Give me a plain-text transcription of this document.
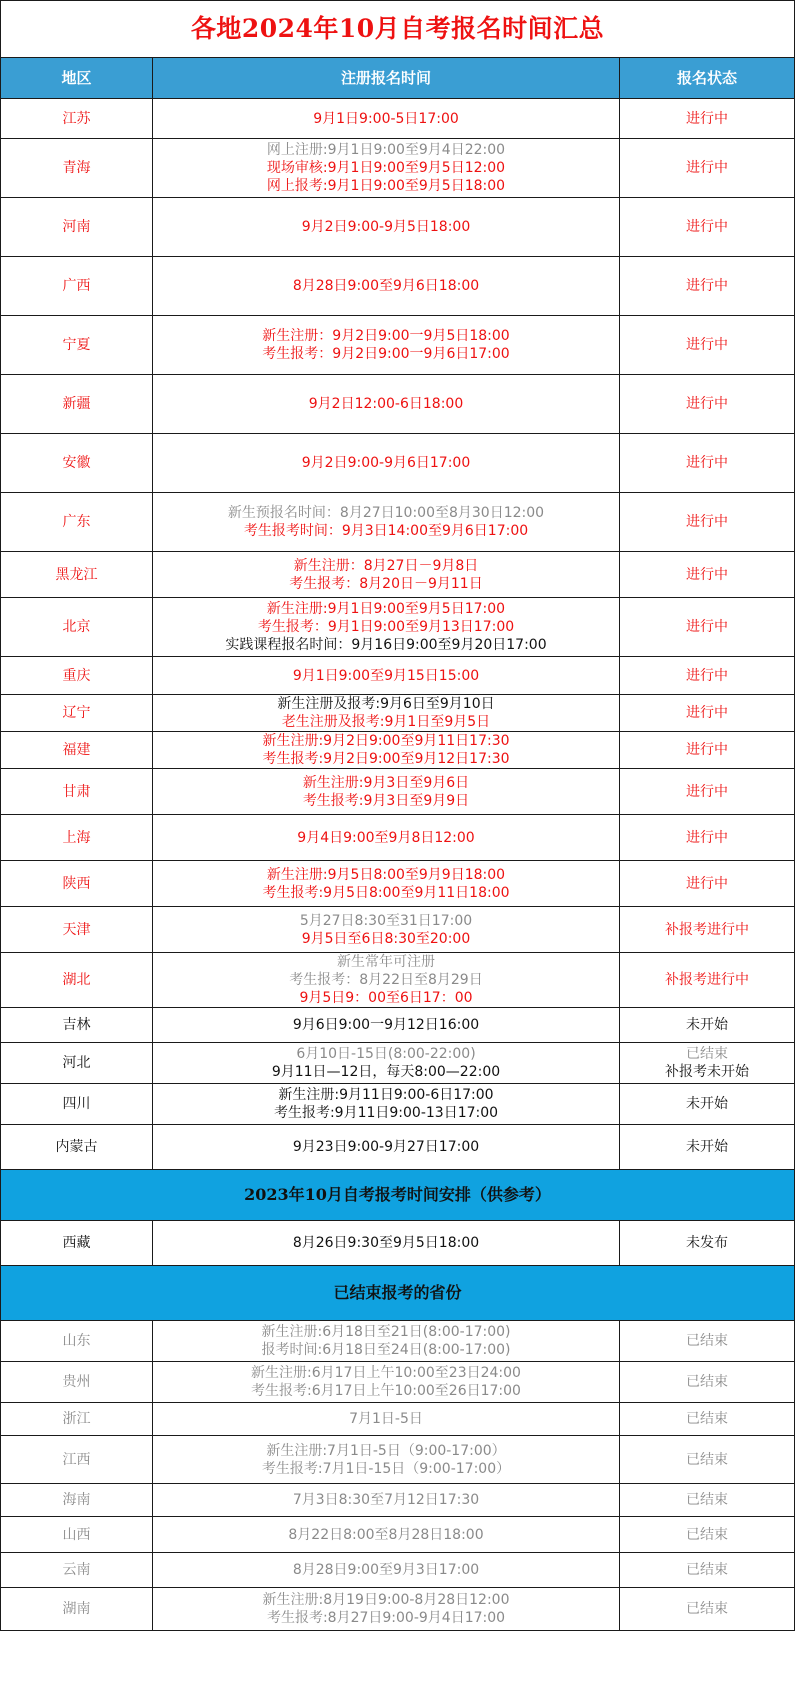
各地2024年10月自考报名时间汇总		
地区	注册报名时间	报名状态
江苏	9月1日9:00-5日17:00	进行中

青海	网上注册:9月1日9:00至9月4日22:00
现场审核:9月1日9:00至9月5日12:00
网上报考:9月1日9:00至9月5日18:00	进行中

河南	9月2日9:00-9月5日18:00	进行中

广西	8月28日9:00至9月6日18:00	进行中

宁夏	新生注册：9月2日9:00一9月5日18:00
考生报考：9月2日9:00一9月6日17:00	进行中

新疆	9月2日12:00-6日18:00	进行中

安徽	9月2日9:00-9月6日17:00	进行中

广东	新生预报名时间：8月27日10:00至8月30日12:00
考生报考时间：9月3日14:00至9月6日17:00	进行中

黑龙江	新生注册：8月27日－9月8日
考生报考：8月20日－9月11日	进行中

北京	新生注册:9月1日9:00至9月5日17:00
考生报考：9月1日9:00至9月13日17:00
实践课程报名时间：9月16日9:00至9月20日17:00	进行中

重庆	9月1日9:00至9月15日15:00	进行中

辽宁	新生注册及报考:9月6日至9月10日
老生注册及报考:9月1日至9月5日	进行中

福建	新生注册:9月2日9:00至9月11日17:30
考生报考:9月2日9:00至9月12日17:30	进行中

甘肃	新生注册:9月3日至9月6日
考生报考:9月3日至9月9日	进行中

上海	9月4日9:00至9月8日12:00	进行中

陕西	新生注册:9月5日8:00至9月9日18:00
考生报考:9月5日8:00至9月11日18:00	进行中

天津	5月27日8:30至31日17:00
9月5日至6日8:30至20:00	补报考进行中

湖北	新生常年可注册
考生报考：8月22日至8月29日
9月5日9：00至6日17：00	补报考进行中

吉林	9月6日9:00一9月12日16:00	未开始

河北	6月10日-15日(8:00-22:00)
9月11日—12日，每天8:00—22:00	已结束
补报考未开始

四川	新生注册:9月11日9:00-6日17:00
考生报考:9月11日9:00-13日17:00	未开始

内蒙古	9月23日9:00-9月27日17:00	未开始

2023年10月自考报考时间安排（供参考）		
西藏	8月26日9:30至9月5日18:00	未发布

已结束报考的省份		
山东	新生注册:6月18日至21日(8:00-17:00)
报考时间:6月18日至24日(8:00-17:00)	已结束

贵州	新生注册:6月17日上午10:00至23日24:00
考生报考:6月17日上午10:00至26日17:00	已结束

浙江	7月1日-5日	已结束

江西	新生注册:7月1日-5日（9:00-17:00）
考生报考:7月1日-15日（9:00-17:00）	已结束

海南	7月3日8:30至7月12日17:30	已结束

山西	8月22日8:00至8月28日18:00	已结束

云南	8月28日9:00至9月3日17:00	已结束

湖南	新生注册:8月19日9:00-8月28日12:00
考生报考:8月27日9:00-9月4日17:00	已结束
